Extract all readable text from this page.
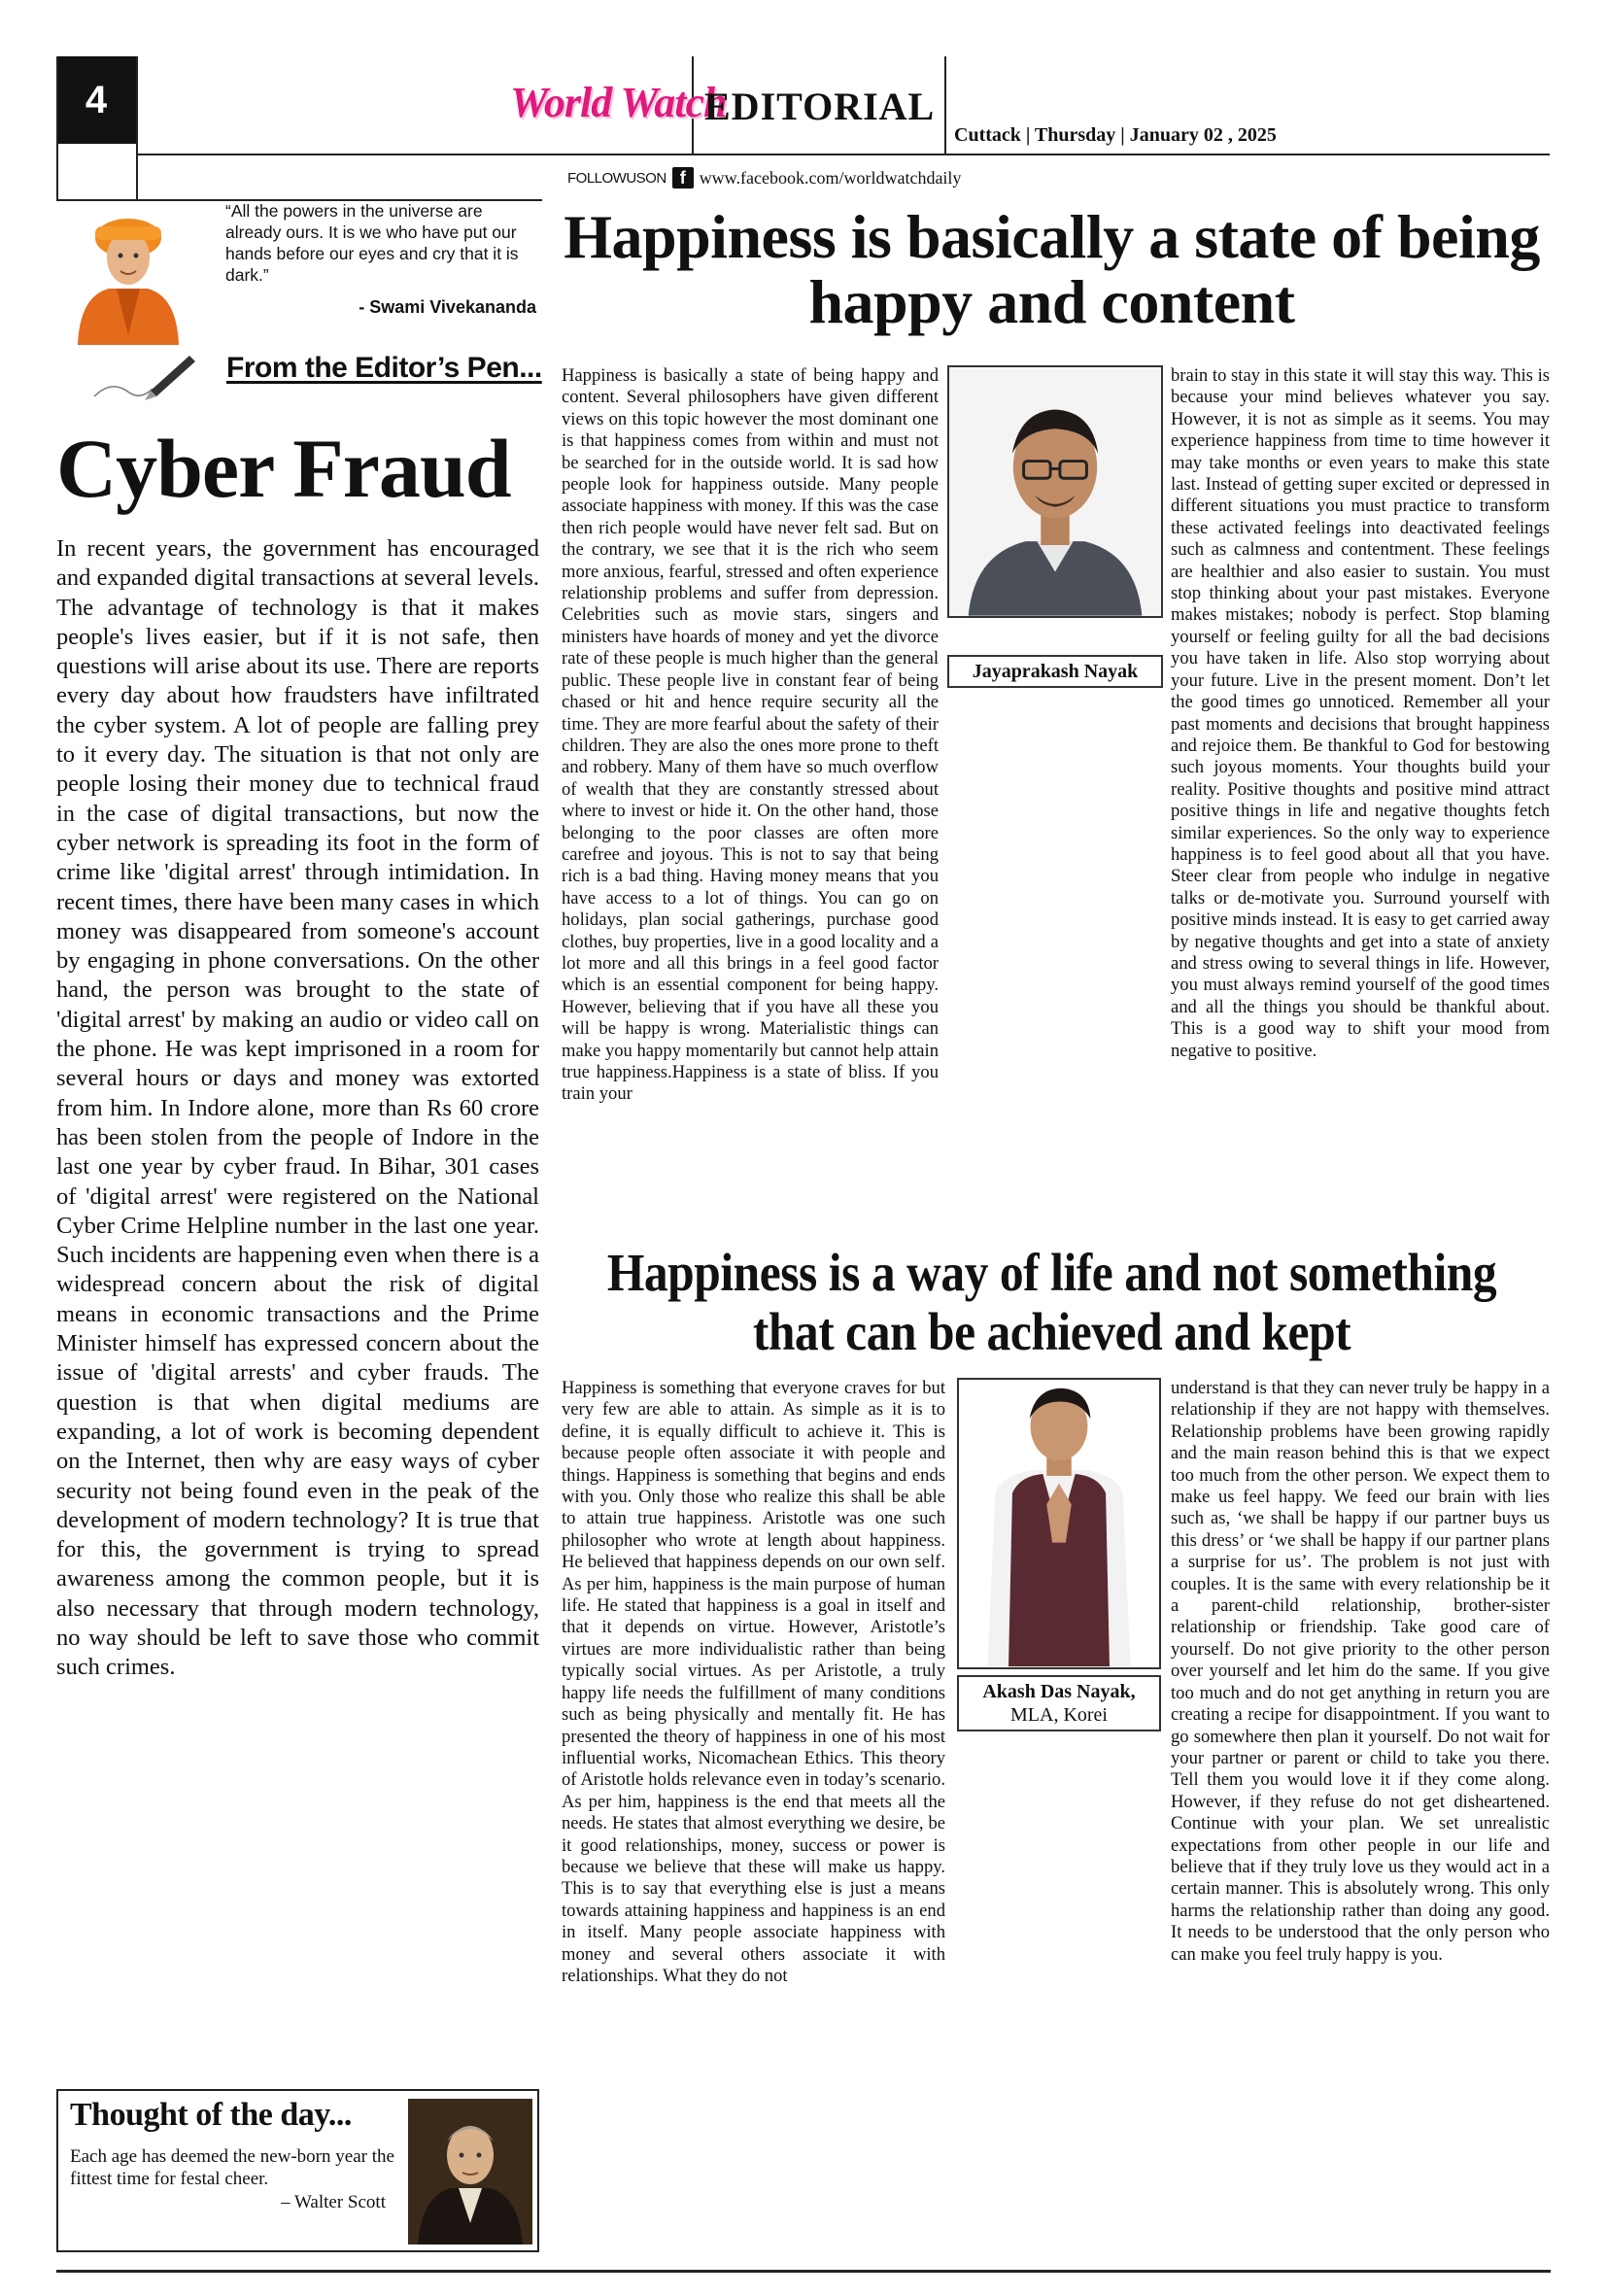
4	World Watch
EDITORIAL
Cuttack | Thursday | January 02 , 2025
FOLLOWUSON f www.facebook.com/worldwatchdaily
“All the powers in the universe are already ours. It is we who have put our hands before our eyes and cry that it is dark.”
- Swami Vivekananda
From the Editor’s Pen...
Cyber Fraud
In recent years, the government has encouraged and expanded digital transactions at several levels. The advantage of technology is that it makes people's lives easier, but if it is not safe, then questions will arise about its use. There are reports every day about how fraudsters have infiltrated the cyber system. A lot of people are falling prey to it every day. The situation is that not only are people losing their money due to technical fraud in the case of digital transactions, but now the cyber network is spreading its foot in the form of crime like 'digital arrest' through intimidation. In recent times, there have been many cases in which money was disappeared from someone's account by engaging in phone conversations. On the other hand, the person was brought to the state of 'digital arrest' by making an audio or video call on the phone. He was kept imprisoned in a room for several hours or days and money was extorted from him. In Indore alone, more than Rs 60 crore has been stolen from the people of Indore in the last one year by cyber fraud. In Bihar, 301 cases of 'digital arrest' were registered on the National Cyber Crime Helpline number in the last one year. Such incidents are happening even when there is a widespread concern about the risk of digital means in economic transactions and the Prime Minister himself has expressed concern about the issue of 'digital arrests' and cyber frauds. The question is that when digital mediums are expanding, a lot of work is becoming dependent on the Internet, then why are easy ways of cyber security not being found even in the peak of the development of modern technology? It is true that for this, the government is trying to spread awareness among the common people, but it is also necessary that through modern technology, no way should be left to save those who commit such crimes.
Thought of the day...
Each age has deemed the new-born year the fittest time for festal cheer.
– Walter Scott
Happiness is basically a state of being happy and content
Jayaprakash Nayak
Happiness is basically a state of being happy and content. Several philosophers have given different views on this topic however the most dominant one is that happiness comes from within and must not be searched for in the outside world. It is sad how people look for happiness outside. Many people associate happiness with money. If this was the case then rich people would have never felt sad. But on the contrary, we see that it is the rich who seem more anxious, fearful, stressed and often experience relationship problems and suffer from depression. Celebrities such as movie stars, singers and ministers have hoards of money and yet the divorce rate of these people is much higher than the general public. These people live in constant fear of being chased or hit and hence require security all the time. They are more fearful about the safety of their children. They are also the ones more prone to theft and robbery. Many of them have so much overflow of wealth that they are constantly stressed about where to invest or hide it. On the other hand, those belonging to the poor classes are often more carefree and joyous. This is not to say that being rich is a bad thing. Having money means that you have access to a lot of things. You can go on holidays, plan social gatherings, purchase good clothes, buy properties, live in a good locality and a lot more and all this brings in a feel good factor which is an essential component for being happy. However, believing that if you have all these you will be happy is wrong. Materialistic things can make you happy momentarily but cannot help attain true happiness.Happiness is a state of bliss. If you train your
brain to stay in this state it will stay this way. This is because your mind believes whatever you say. However, it is not as simple as it seems. You may experience happiness from time to time however it may take months or even years to make this state last. Instead of getting super excited or depressed in different situations you must practice to transform these activated feelings into deactivated feelings such as calmness and contentment. These feelings are healthier and also easier to sustain. You must stop thinking about your past mistakes. Everyone makes mistakes; nobody is perfect. Stop blaming yourself or feeling guilty for all the bad decisions you have taken in life. Also stop worrying about your future. Live in the present moment. Don’t let the good times go unnoticed. Remember all your past moments and decisions that brought happiness and rejoice them. Be thankful to God for bestowing such joyous moments. Your thoughts build your reality. Positive thoughts and positive mind attract positive things in life and negative thoughts fetch similar experiences. So the only way to experience happiness is to feel good about all that you have. Steer clear from people who indulge in negative talks or de-motivate you. Surround yourself with positive minds instead. It is easy to get carried away by negative thoughts and get into a state of anxiety and stress owing to several things in life. However, you must always remind yourself of the good times and all the things you should be thankful about. This is a good way to shift your mood from negative to positive.
Happiness is a way of life and not something that can be achieved and kept
Akash Das Nayak,
MLA, Korei
Happiness is something that everyone craves for but very few are able to attain. As simple as it is to define, it is equally difficult to achieve it. This is because people often associate it with people and things. Happiness is something that begins and ends with you. Only those who realize this shall be able to attain true happiness. Aristotle was one such philosopher who wrote at length about happiness. He believed that happiness depends on our own self. As per him, happiness is the main purpose of human life. He stated that happiness is a goal in itself and that it depends on virtue. However, Aristotle’s virtues are more individualistic rather than being typically social virtues. As per Aristotle, a truly happy life needs the fulfillment of many conditions such as being physically and mentally fit. He has presented the theory of happiness in one of his most influential works, Nicomachean Ethics. This theory of Aristotle holds relevance even in today’s scenario. As per him, happiness is the end that meets all the needs. He states that almost everything we desire, be it good relationships, money, success or power is because we believe that these will make us happy. This is to say that everything else is just a means towards attaining happiness and happiness is an end in itself. Many people associate happiness with money and several others associate it with relationships. What they do not
understand is that they can never truly be happy in a relationship if they are not happy with themselves. Relationship problems have been growing rapidly and the main reason behind this is that we expect too much from the other person. We expect them to make us feel happy. We feed our brain with lies such as, ‘we shall be happy if our partner buys us this dress’ or ‘we shall be happy if our partner plans a surprise for us’. The problem is not just with couples. It is the same with every relationship be it a parent-child relationship, brother-sister relationship or friendship. Take good care of yourself. Do not give priority to the other person over yourself and let him do the same. If you give too much and do not get anything in return you are creating a recipe for disappointment. If you want to go somewhere then plan it yourself. Do not wait for your partner or parent or child to take you there. Tell them you would love it if they come along. However, if they refuse do not get disheartened. Continue with your plan. We set unrealistic expectations from other people in our life and believe that if they truly love us they would act in a certain manner. This is absolutely wrong. This only harms the relationship rather than doing any good. It needs to be understood that the only person who can make you feel truly happy is you.
